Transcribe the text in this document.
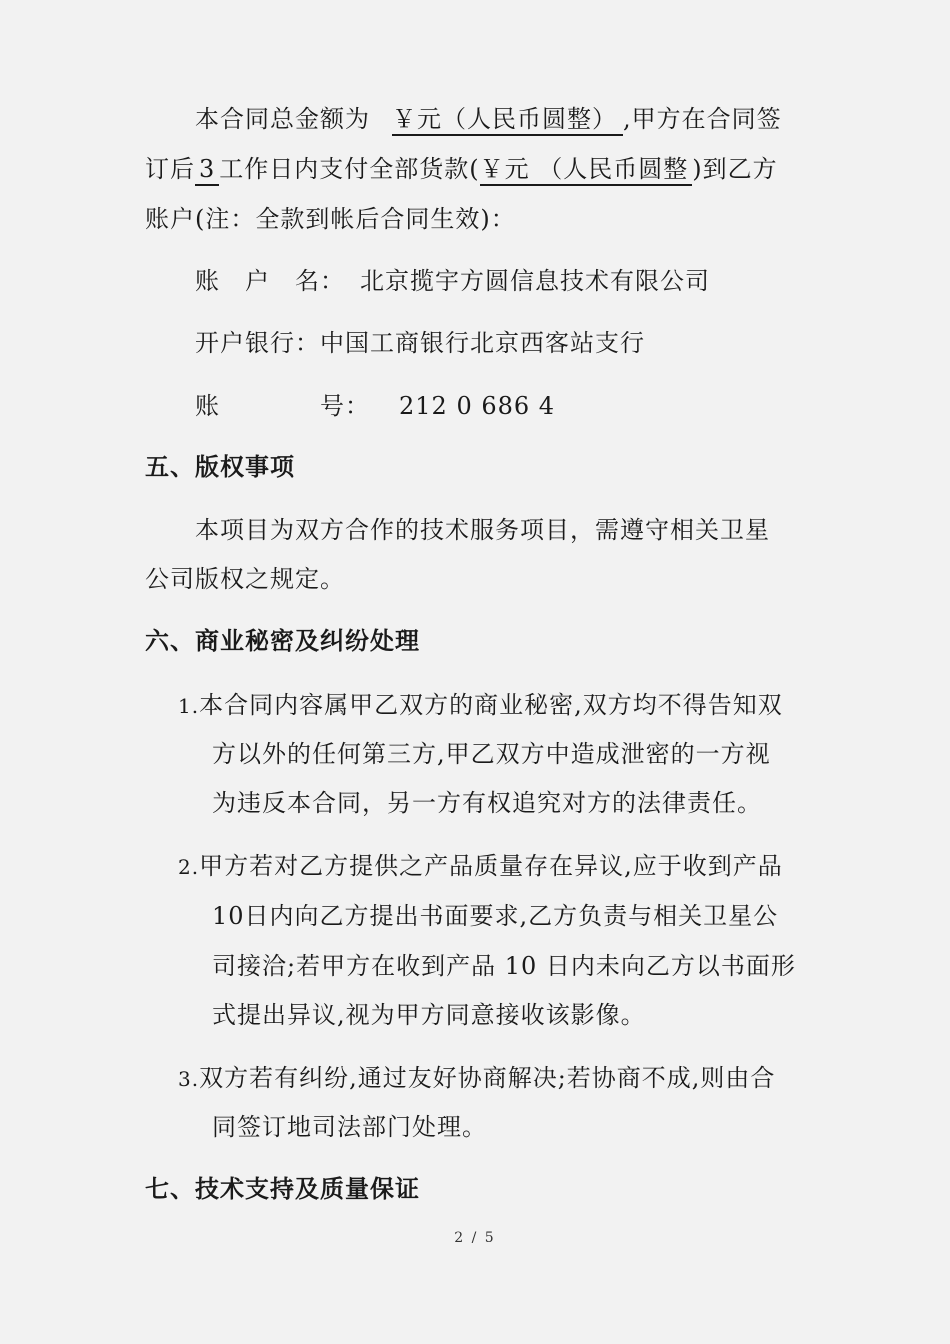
本合同总金额为 ￥元（人民币圆整） ,甲方在合同签
订后 3 工作日内支付全部货款(￥元 （人民币圆整 )到乙方
账户(注：全款到帐后合同生效)：
账　户　名： 北京揽宇方圆信息技术有限公司
开户银行：中国工商银行北京西客站支行
账　　　　号： 212 0 686 4
五、版权事项
本项目为双方合作的技术服务项目，需遵守相关卫星
公司版权之规定。
六、商业秘密及纠纷处理
1.本合同内容属甲乙双方的商业秘密,双方均不得告知双
方以外的任何第三方,甲乙双方中造成泄密的一方视
为违反本合同，另一方有权追究对方的法律责任。
2.甲方若对乙方提供之产品质量存在异议,应于收到产品
10日内向乙方提出书面要求,乙方负责与相关卫星公
司接洽;若甲方在收到产品 10 日内未向乙方以书面形
式提出异议,视为甲方同意接收该影像。
3.双方若有纠纷,通过友好协商解决;若协商不成,则由合
同签订地司法部门处理。
七、技术支持及质量保证
2 / 5
